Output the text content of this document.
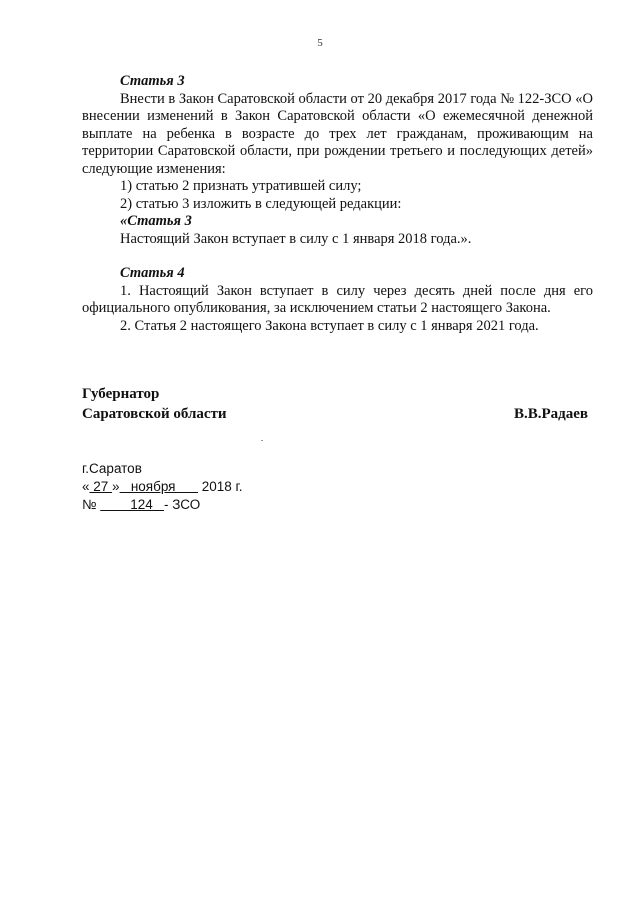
5
Статья 3

Внести в Закон Саратовской области от 20 декабря 2017 года № 122-ЗСО «О внесении изменений в Закон Саратовской области «О ежемесячной денежной выплате на ребенка в возрасте до трех лет гражданам, проживающим на территории Саратовской области, при рождении третьего и последующих детей» следующие изменения:

1) статью 2 признать утратившей силу;
2) статью 3 изложить в следующей редакции:
«Статья 3
Настоящий Закон вступает в силу с 1 января 2018 года.».
Статья 4

1. Настоящий Закон вступает в силу через десять дней после дня его официального опубликования, за исключением статьи 2 настоящего Закона.

2. Статья 2 настоящего Закона вступает в силу с 1 января 2021 года.

Губернатор
Саратовской области	В.В.Радаев
г.Саратов
« 27 »   ноября       2018 г.
№         124   - ЗСО
